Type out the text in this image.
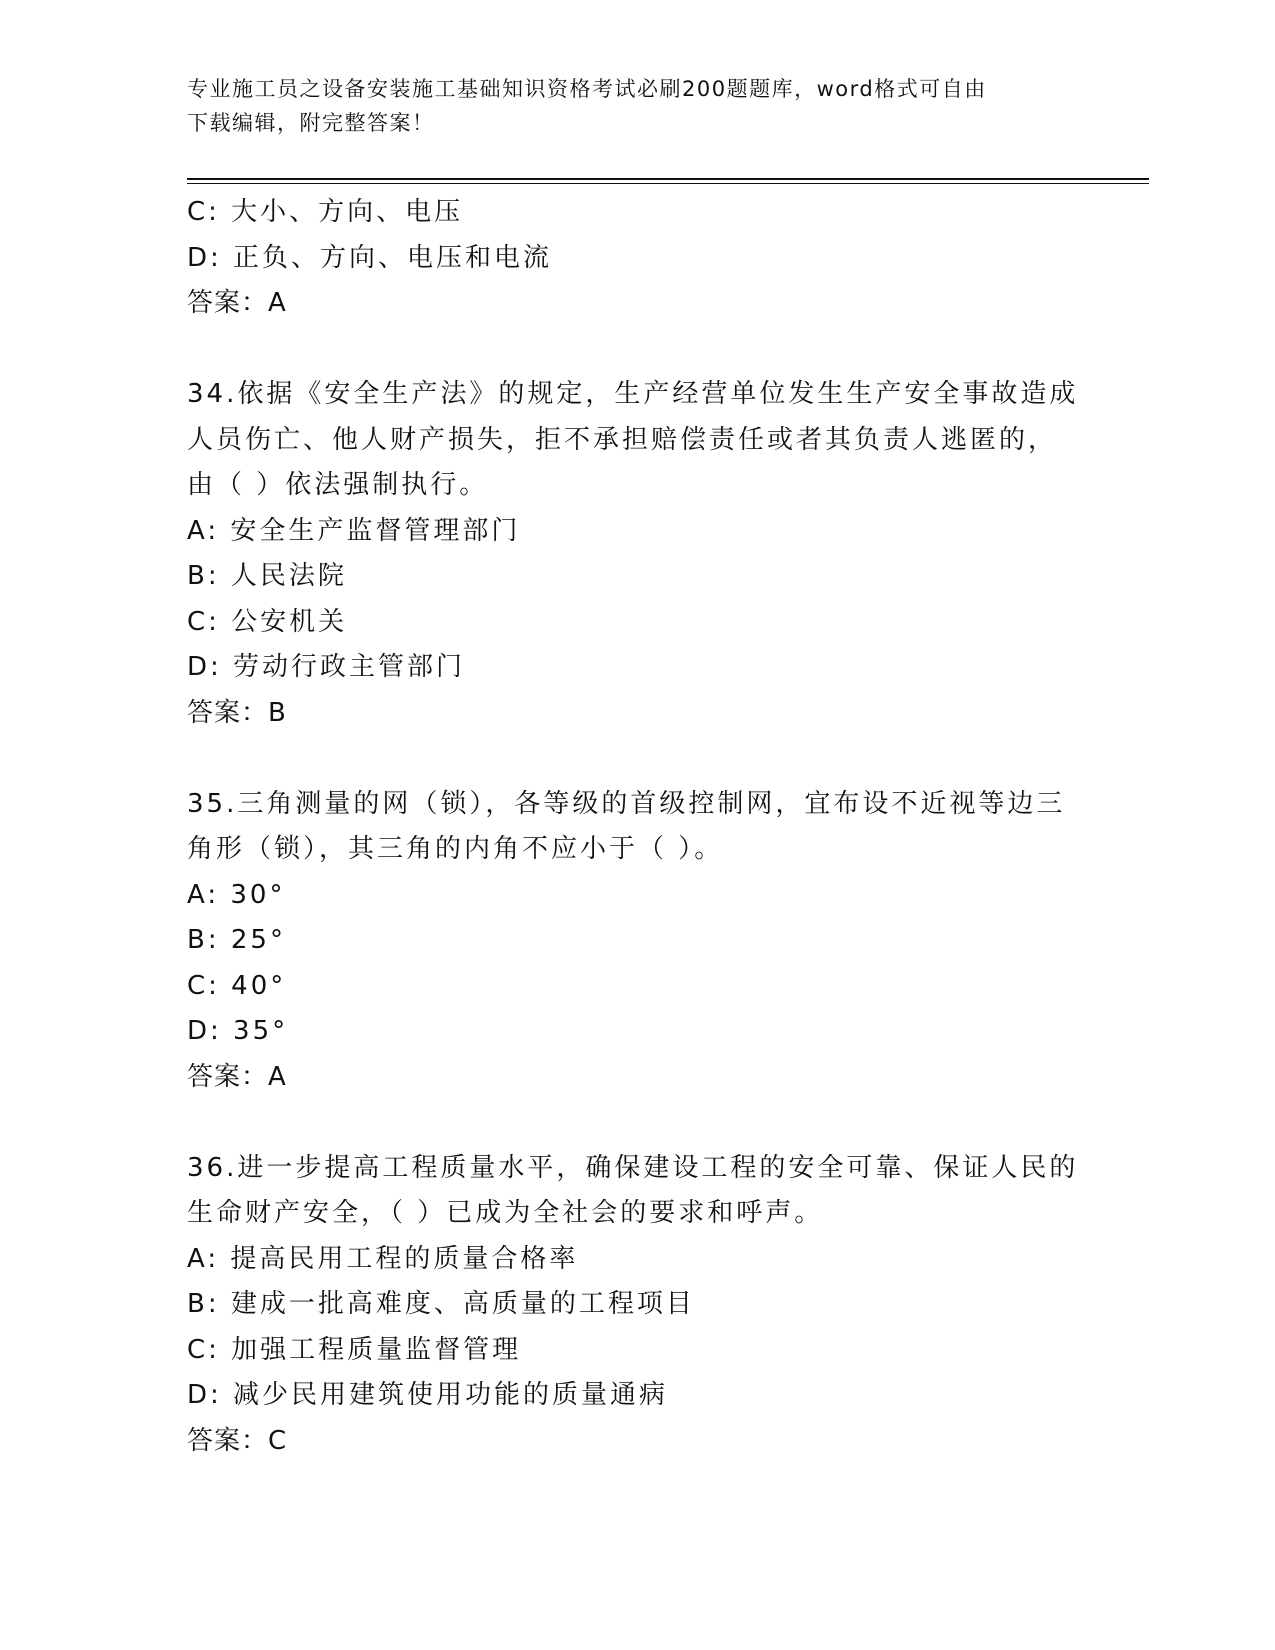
专业施工员之设备安装施工基础知识资格考试必刷200题题库，word格式可自由
下载编辑，附完整答案！
C: 大小、方向、电压
D: 正负、方向、电压和电流
答案：A
34.依据《安全生产法》的规定，生产经营单位发生生产安全事故造成
人员伤亡、他人财产损失，拒不承担赔偿责任或者其负责人逃匿的，
由（ ）依法强制执行。
A: 安全生产监督管理部门
B: 人民法院
C: 公安机关
D: 劳动行政主管部门
答案：B
35.三角测量的网（锁），各等级的首级控制网，宜布设不近视等边三
角形（锁），其三角的内角不应小于（ ）。
A: 30°
B: 25°
C: 40°
D: 35°
答案：A
36.进一步提高工程质量水平，确保建设工程的安全可靠、保证人民的
生命财产安全，（ ）已成为全社会的要求和呼声。
A: 提高民用工程的质量合格率
B: 建成一批高难度、高质量的工程项目
C: 加强工程质量监督管理
D: 减少民用建筑使用功能的质量通病
答案：C
